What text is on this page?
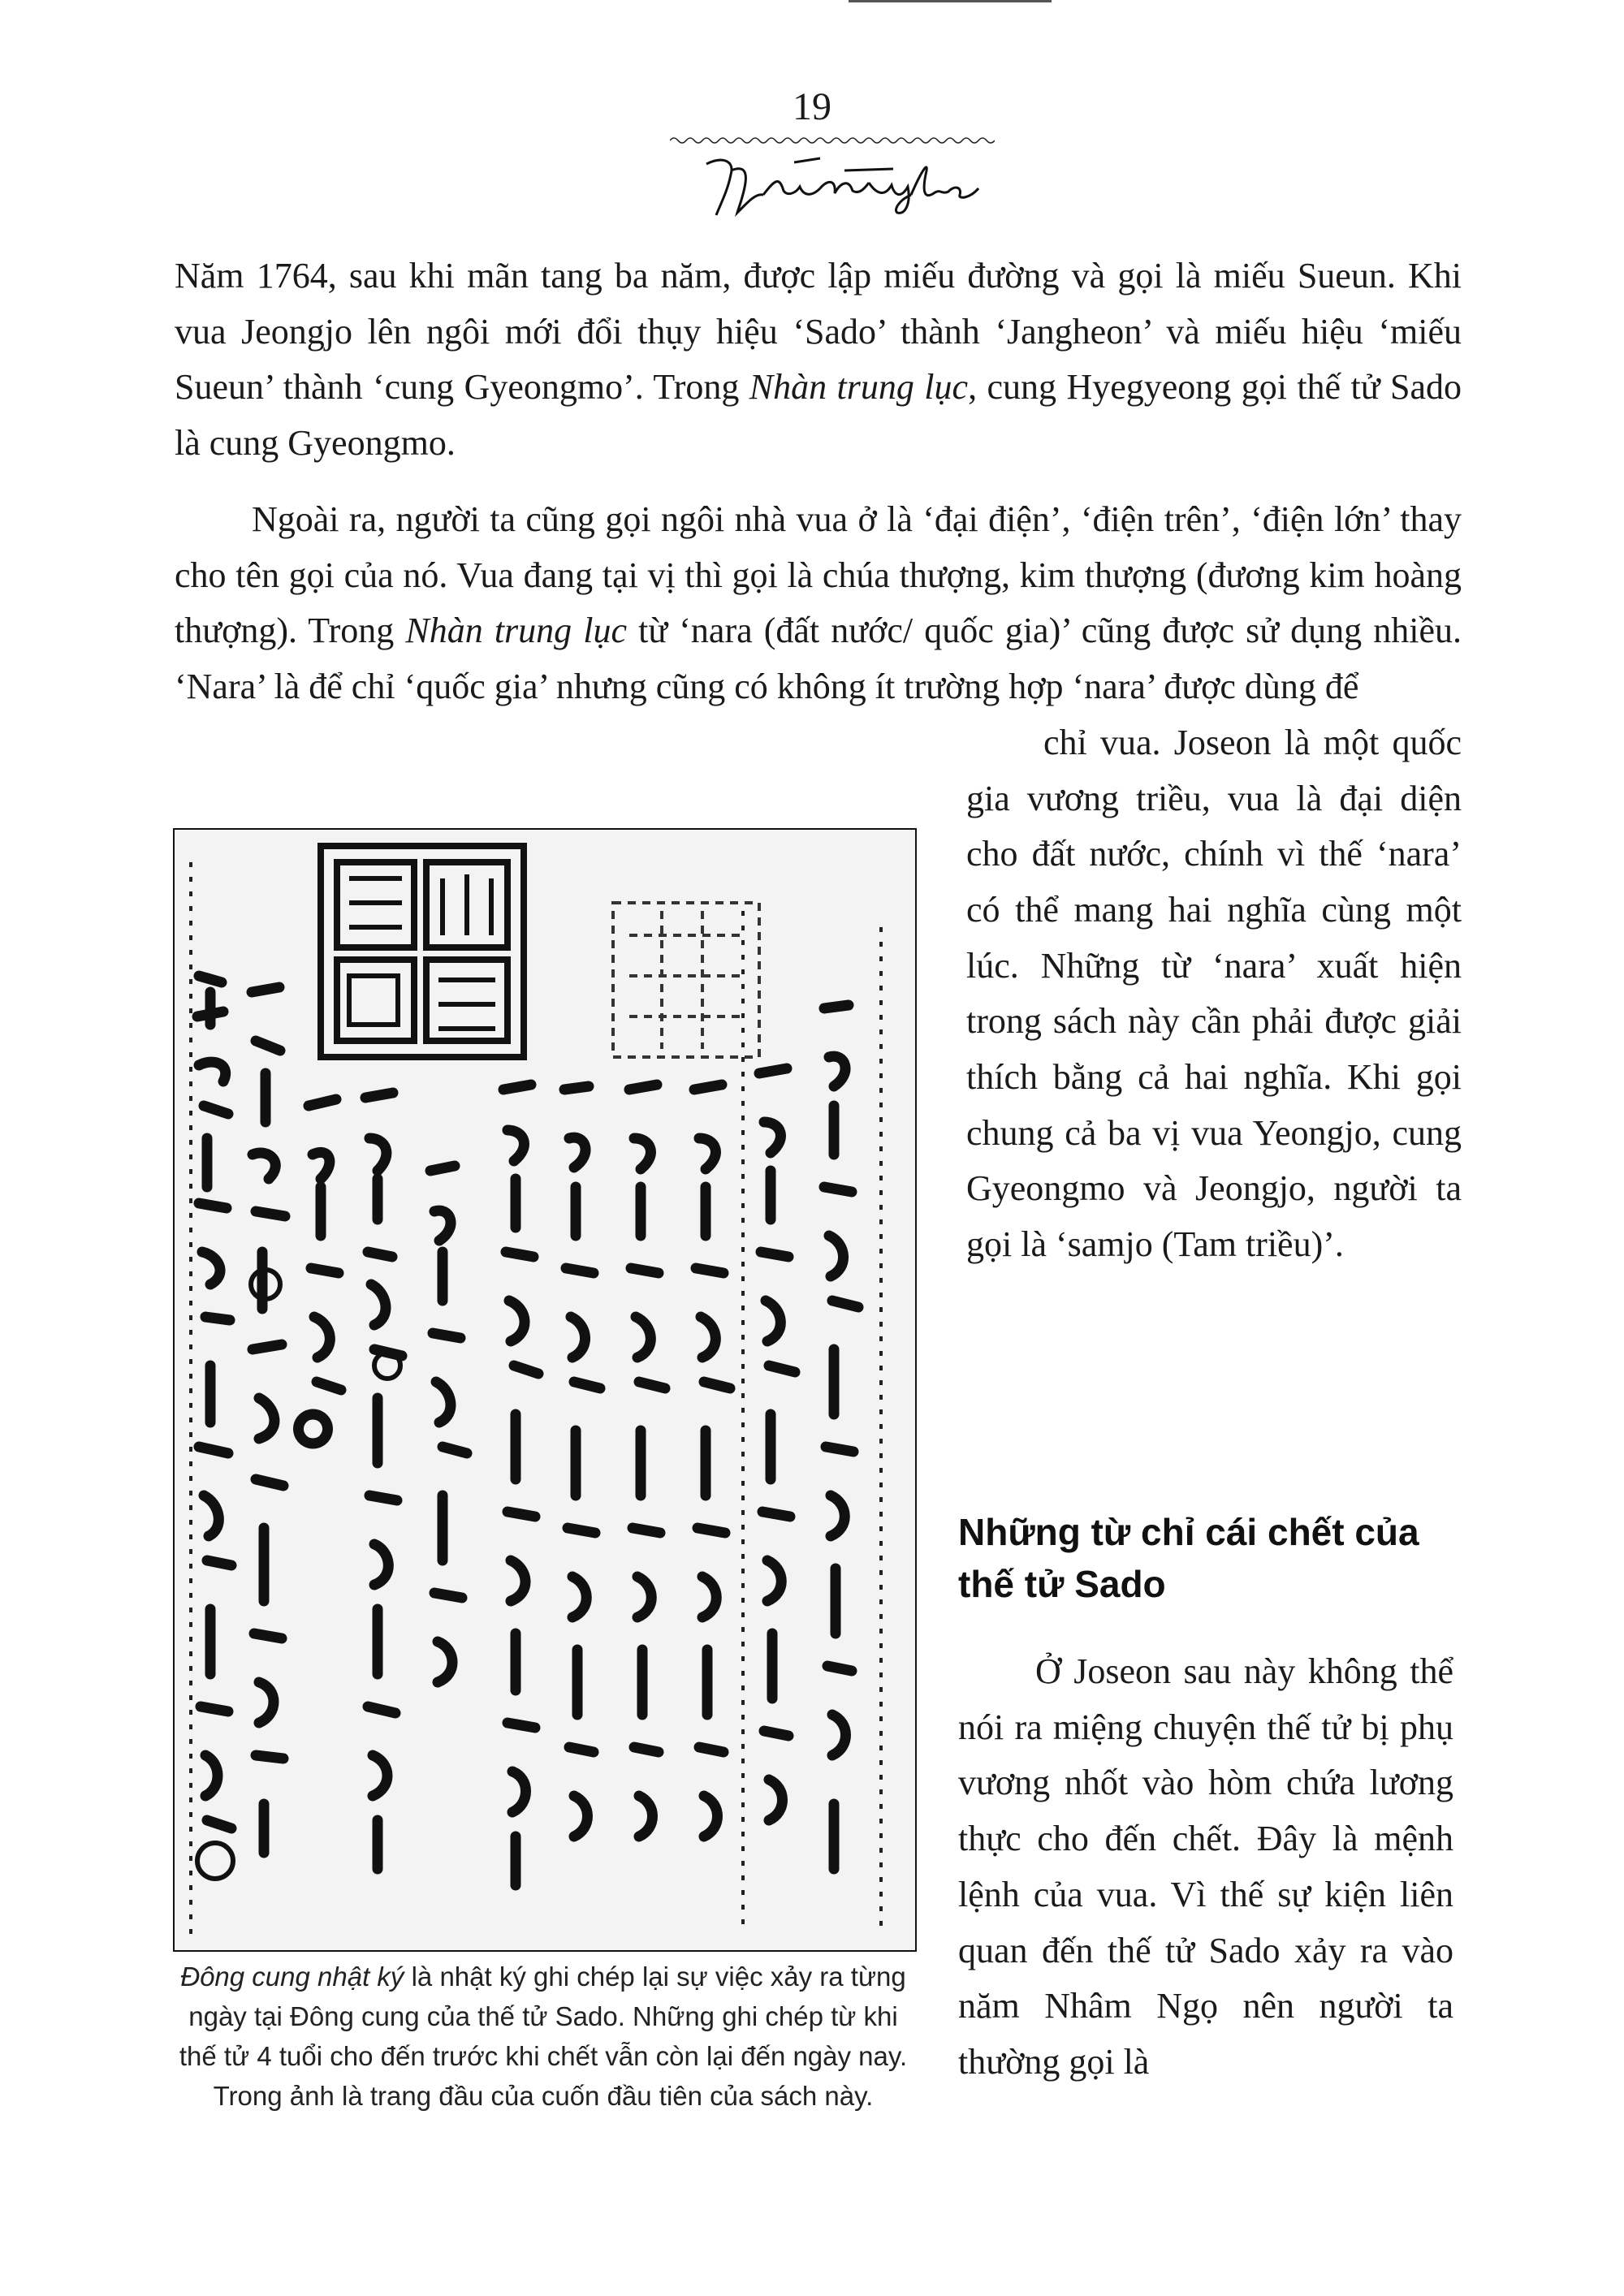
19

Năm 1764, sau khi mãn tang ba năm, được lập miếu đường và gọi là miếu Sueun. Khi vua Jeongjo lên ngôi mới đổi thụy hiệu ‘Sado’ thành ‘Jangheon’ và miếu hiệu ‘miếu Sueun’ thành ‘cung Gyeongmo’. Trong Nhàn trung lục, cung Hyegyeong gọi thế tử Sado là cung Gyeongmo.

Ngoài ra, người ta cũng gọi ngôi nhà vua ở là ‘đại điện’, ‘điện trên’, ‘điện lớn’ thay cho tên gọi của nó. Vua đang tại vị thì gọi là chúa thượng, kim thượng (đương kim hoàng thượng). Trong Nhàn trung lục từ ‘nara (đất nước/ quốc gia)’ cũng được sử dụng nhiều. ‘Nara’ là để chỉ ‘quốc gia’ nhưng cũng có không ít trường hợp ‘nara’ được dùng để
chỉ vua. Joseon là một quốc gia vương triều, vua là đại diện cho đất nước, chính vì thế ‘nara’ có thể mang hai nghĩa cùng một lúc. Những từ ‘nara’ xuất hiện trong sách này cần phải được giải thích bằng cả hai nghĩa. Khi gọi chung cả ba vị vua Yeongjo, cung Gyeongmo và Jeongjo, người ta gọi là ‘samjo (Tam triều)’.

Đông cung nhật ký là nhật ký ghi chép lại sự việc xảy ra từng ngày tại Đông cung của thế tử Sado. Những ghi chép từ khi thế tử 4 tuổi cho đến trước khi chết vẫn còn lại đến ngày nay. Trong ảnh là trang đầu của cuốn đầu tiên của sách này.

Những từ chỉ cái chết của thế tử Sado

Ở Joseon sau này không thể nói ra miệng chuyện thế tử bị phụ vương nhốt vào hòm chứa lương thực cho đến chết. Đây là mệnh lệnh của vua. Vì thế sự kiện liên quan đến thế tử Sado xảy ra vào năm Nhâm Ngọ nên người ta thường gọi là
